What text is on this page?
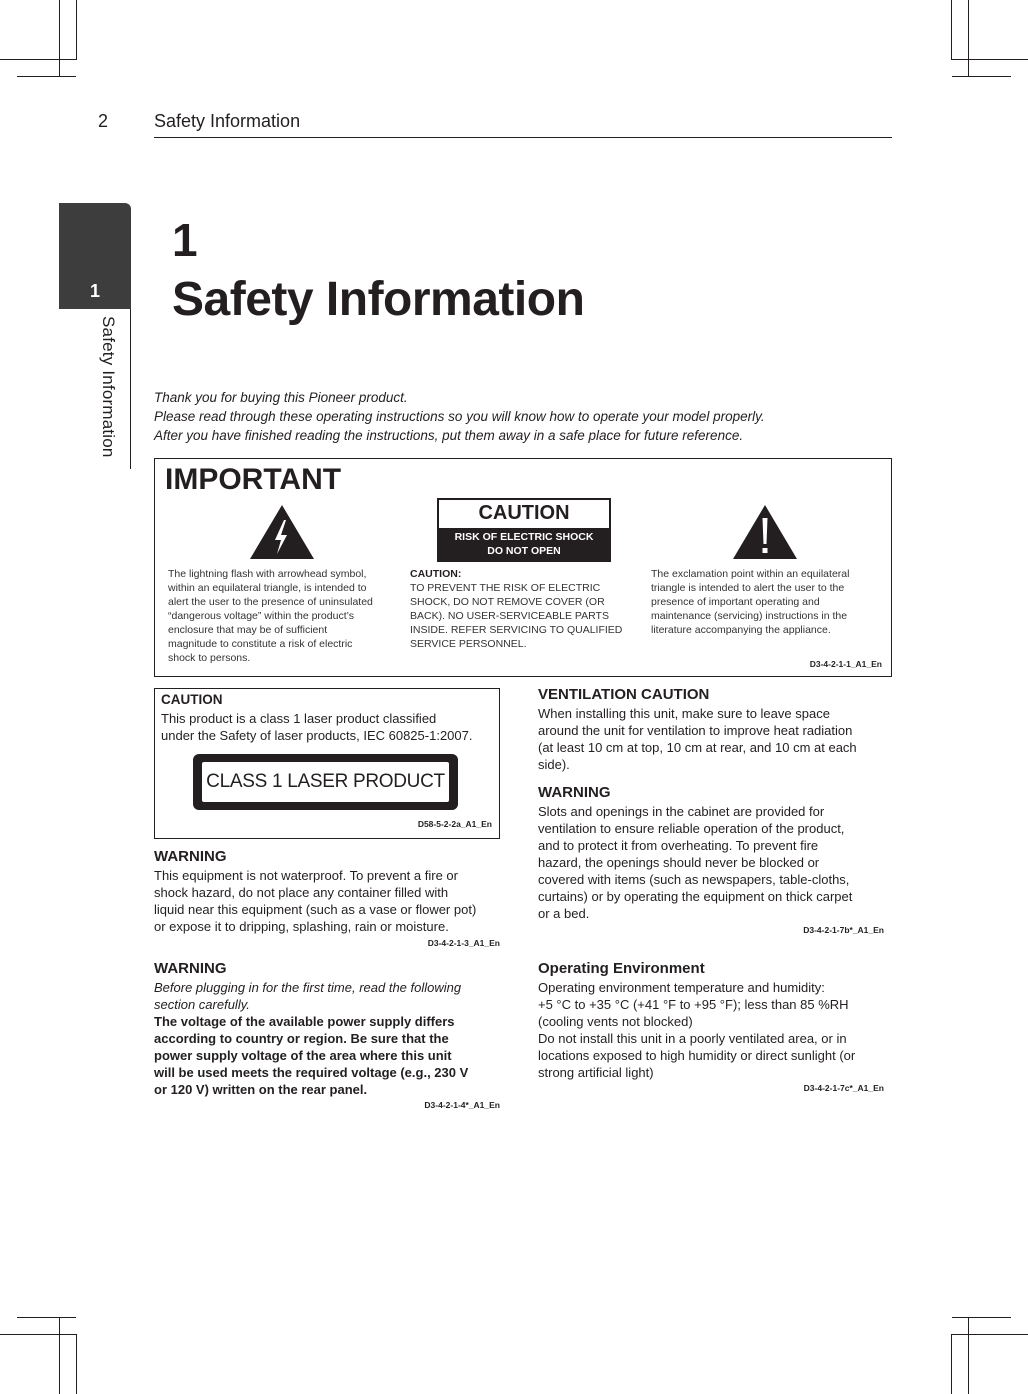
2	Safety Information
1
Safety Information
1
Safety Information
Thank you for buying this Pioneer product.
Please read through these operating instructions so you will know how to operate your model properly.
After you have finished reading the instructions, put them away in a safe place for future reference.
IMPORTANT
CAUTION
RISK OF ELECTRIC SHOCK
DO NOT OPEN
The lightning flash with arrowhead symbol,
within an equilateral triangle, is intended to
alert the user to the presence of uninsulated
“dangerous voltage” within the product’s
enclosure that may be of sufficient
magnitude to constitute a risk of electric
shock to persons.
CAUTION:
TO PREVENT THE RISK OF ELECTRIC
SHOCK, DO NOT REMOVE COVER (OR
BACK). NO USER-SERVICEABLE PARTS
INSIDE. REFER SERVICING TO QUALIFIED
SERVICE PERSONNEL.
The exclamation point within an equilateral
triangle is intended to alert the user to the
presence of important operating and
maintenance (servicing) instructions in the
literature accompanying the appliance.
D3-4-2-1-1_A1_En
CAUTION
This product is a class 1 laser product classified
under the Safety of laser products, IEC 60825-1:2007.
CLASS 1 LASER PRODUCT
D58-5-2-2a_A1_En
WARNING
This equipment is not waterproof. To prevent a fire or
shock hazard, do not place any container filled with
liquid near this equipment (such as a vase or flower pot)
or expose it to dripping, splashing, rain or moisture.
D3-4-2-1-3_A1_En
WARNING
Before plugging in for the first time, read the following
section carefully.
The voltage of the available power supply differs
according to country or region. Be sure that the
power supply voltage of the area where this unit
will be used meets the required voltage (e.g., 230 V
or 120 V) written on the rear panel.
D3-4-2-1-4*_A1_En
VENTILATION CAUTION
When installing this unit, make sure to leave space
around the unit for ventilation to improve heat radiation
(at least 10 cm at top, 10 cm at rear, and 10 cm at each
side).
WARNING
Slots and openings in the cabinet are provided for
ventilation to ensure reliable operation of the product,
and to protect it from overheating. To prevent fire
hazard, the openings should never be blocked or
covered with items (such as newspapers, table-cloths,
curtains) or by operating the equipment on thick carpet
or a bed.
D3-4-2-1-7b*_A1_En
Operating Environment
Operating environment temperature and humidity:
+5 °C to +35 °C (+41 °F to +95 °F); less than 85 %RH
(cooling vents not blocked)
Do not install this unit in a poorly ventilated area, or in
locations exposed to high humidity or direct sunlight (or
strong artificial light)
D3-4-2-1-7c*_A1_En
